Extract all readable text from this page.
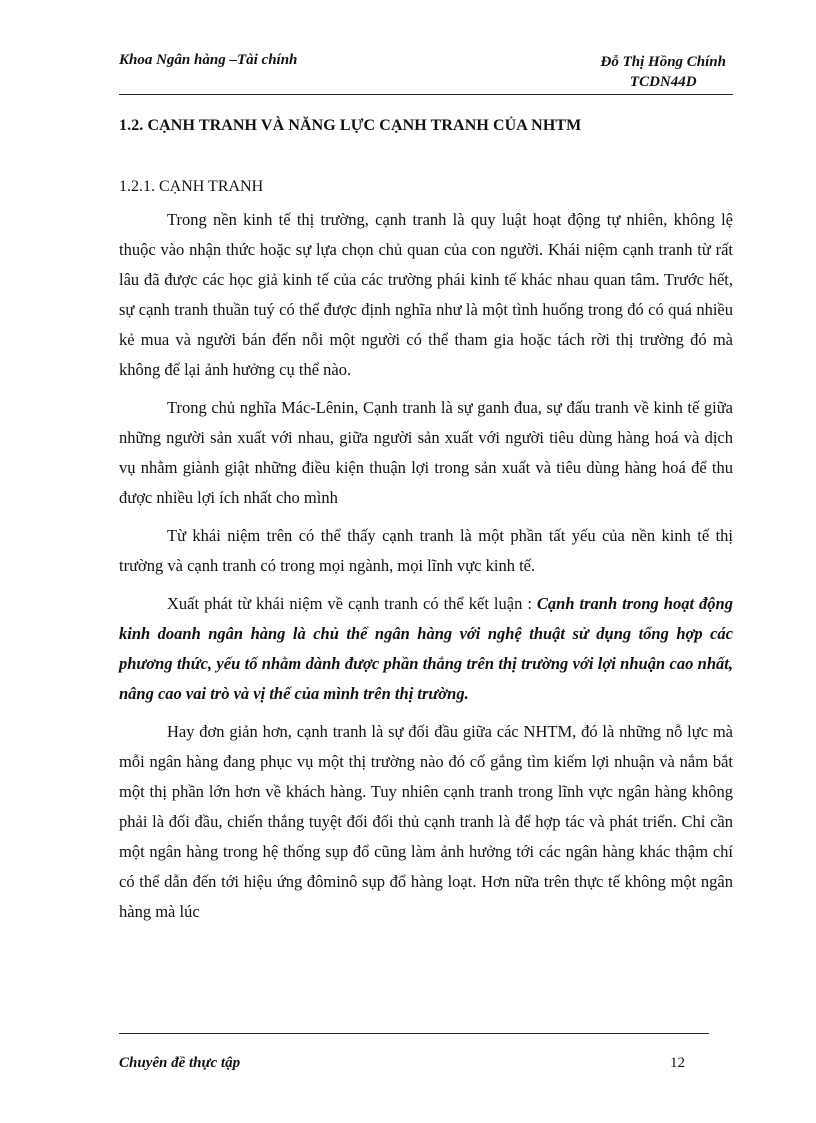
Khoa Ngân hàng –Tài chính	Đỗ Thị Hồng Chính
TCDN44D
1.2. CẠNH TRANH VÀ NĂNG LỰC CẠNH TRANH CỦA NHTM
1.2.1. CẠNH TRANH

Trong nền kinh tế thị trường, cạnh tranh là quy luật hoạt động tự nhiên, không lệ thuộc vào nhận thức hoặc sự lựa chọn chủ quan của con người. Khái niệm cạnh tranh từ rất lâu đã được các học giả kinh tế của các trường phái kinh tế khác nhau quan tâm. Trước hết, sự cạnh tranh thuần tuý có thể được định nghĩa như là một tình huống trong đó có quá nhiều kẻ mua và người bán đến nỗi một người có thể tham gia hoặc tách rời thị trường đó mà không để lại ảnh hưởng cụ thể nào.

Trong chủ nghĩa Mác-Lênin, Cạnh tranh là sự ganh đua, sự đấu tranh về kinh tế giữa những người sản xuất với nhau, giữa người sản xuất với người tiêu dùng hàng hoá và dịch vụ nhằm giành giật những điều kiện thuận lợi trong sản xuất và tiêu dùng hàng hoá để thu được nhiều lợi ích nhất cho mình

Từ khái niệm trên có thể thấy cạnh tranh là một phần tất yếu của nền kinh tế thị trường và cạnh tranh có trong mọi ngành, mọi lĩnh vực kinh tế.

Xuất phát từ khái niệm về cạnh tranh có thể kết luận : Cạnh tranh trong hoạt động kinh doanh ngân hàng là chủ thể ngân hàng với nghệ thuật sử dụng tổng hợp các phương thức, yếu tố nhằm dành được phần thắng trên thị trường với lợi nhuận cao nhất, nâng cao vai trò và vị thế của mình trên thị trường.

Hay đơn giản hơn, cạnh tranh là sự đối đầu giữa các NHTM, đó là những nỗ lực mà mỗi ngân hàng đang phục vụ một thị trường nào đó cố gắng tìm kiếm lợi nhuận và nắm bắt một thị phần lớn hơn về khách hàng. Tuy nhiên cạnh tranh trong lĩnh vực ngân hàng không phải là đối đầu, chiến thắng tuyệt đối đối thủ cạnh tranh là để hợp tác và phát triển. Chỉ cần một ngân hàng trong hệ thống sụp đổ cũng làm ảnh hưởng tới các ngân hàng khác thậm chí có thể dẫn đến tới hiệu ứng đôminô sụp đổ hàng loạt. Hơn nữa trên thực tế không một ngân hàng mà lúc

Chuyên đề thực tập	12
